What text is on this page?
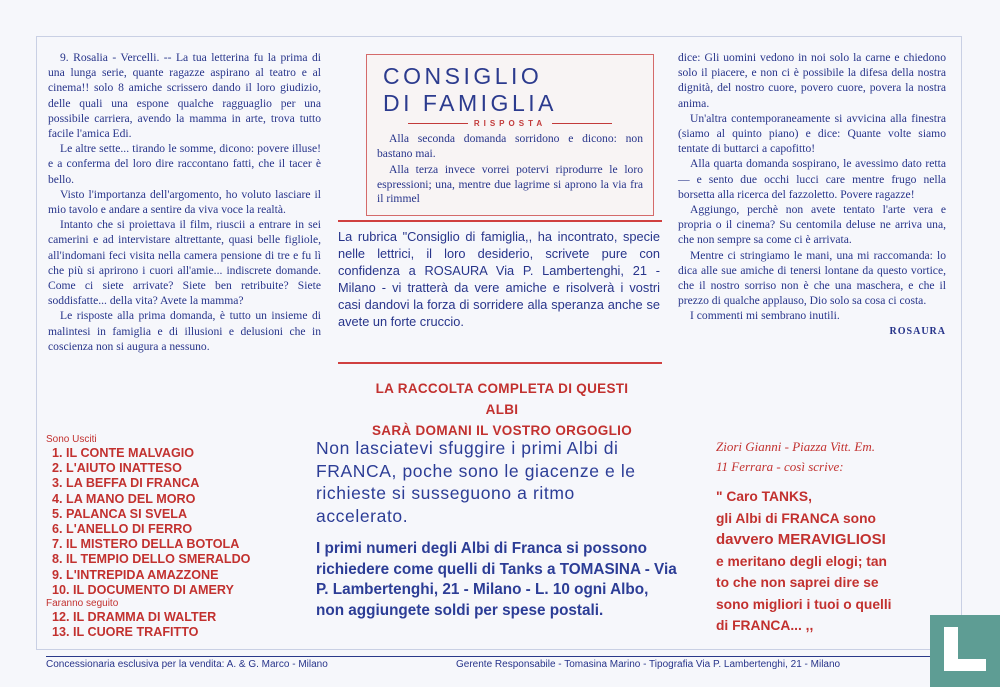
9. Rosalia - Vercelli. -- La tua letterina fu la prima di una lunga serie, quante ragazze aspirano al teatro e al cinema!! solo 8 amiche scrissero dando il loro giudizio, delle quali una espone qualche ragguaglio per una possibile carriera, avendo la mamma in arte, trova tutto facile l'amica Edi.

Le altre sette... tirando le somme, dicono: povere illuse! e a conferma del loro dire raccontano fatti, che il tacer è bello.

Visto l'importanza dell'argomento, ho voluto lasciare il mio tavolo e andare a sentire da viva voce la realtà.

Intanto che si proiettava il film, riuscii a entrare in sei camerini e ad intervistare altrettante, quasi belle figliole, all'indomani feci visita nella camera pensione di tre e fu lì che più si aprirono i cuori all'amie... indiscrete domande. Come ci siete arrivate? Siete ben retribuite? Siete soddisfatte... della vita? Avete la mamma?

Le risposte alla prima domanda, è tutto un insieme di malintesi in famiglia e di illusioni e delusioni che in coscienza non si augura a nessuno.

CONSIGLIO
DI FAMIGLIA
RISPOSTA

Alla seconda domanda sorridono e dicono: non bastano mai.

Alla terza invece vorrei potervi riprodurre le loro espressioni; una, mentre due lagrime si aprono la via fra il rimmel

La rubrica "Consiglio di famiglia,, ha incontrato, specie nelle lettrici, il loro desiderio, scrivete pure con confidenza a ROSAURA Via P. Lambertenghi, 21 - Milano - vi tratterà da vere amiche e risolverà i vostri casi dandovi la forza di sorridere alla speranza anche se avete un forte cruccio.
LA RACCOLTA COMPLETA DI QUESTI ALBI
SARÀ DOMANI IL VOSTRO ORGOGLIO

dice: Gli uomini vedono in noi solo la carne e chiedono solo il piacere, e non ci è possibile la difesa della nostra dignità, del nostro cuore, povero cuore, povera la nostra anima.

Un'altra contemporaneamente si avvicina alla finestra (siamo al quinto piano) e dice: Quante volte siamo tentate di buttarci a capofitto!

Alla quarta domanda sospirano, le avessimo dato retta — e sento due occhi lucci care mentre frugo nella borsetta alla ricerca del fazzoletto. Povere ragazze!

Aggiungo, perchè non avete tentato l'arte vera e propria o il cinema? Su centomila deluse ne arriva una, che non sempre sa come ci è arrivata.

Mentre ci stringiamo le mani, una mi raccomanda: lo dica alle sue amiche di tenersi lontane da questo vortice, che il nostro sorriso non è che una maschera, e che il prezzo di qualche applauso, Dio solo sa cosa ci costa.

I commenti mi sembrano inutili.

ROSAURA
Sono Usciti
1. IL CONTE MALVAGIO
2. L'AIUTO INATTESO
3. LA BEFFA DI FRANCA
4. LA MANO DEL MORO
5. PALANCA SI SVELA
6. L'ANELLO DI FERRO
7. IL MISTERO DELLA BOTOLA
8. IL TEMPIO DELLO SMERALDO
9. L'INTREPIDA AMAZZONE
10. IL DOCUMENTO DI AMERY
Faranno seguito
12. IL DRAMMA DI WALTER
13. IL CUORE TRAFITTO
Non lasciatevi sfuggire i primi Albi di FRANCA, poche sono le giacenze e le richieste si susseguono a ritmo accelerato.
I primi numeri degli Albi di Franca si possono richiedere come quelli di Tanks a TOMASINA - Via P. Lambertenghi, 21 - Milano - L. 10 ogni Albo, non aggiungete soldi per spese postali.
Ziori Gianni - Piazza Vitt. Em.
11 Ferrara - così scrive:
" Caro TANKS,
gli Albi di FRANCA sono
davvero MERAVIGLIOSI
e meritano degli elogi; tan
to che non saprei dire se
sono migliori i tuoi o quelli
di FRANCA... ,,
Concessionaria esclusiva per la vendita: A. & G. Marco - Milano	Gerente Responsabile - Tomasina Marino - Tipografia Via P. Lambertenghi, 21 - Milano
